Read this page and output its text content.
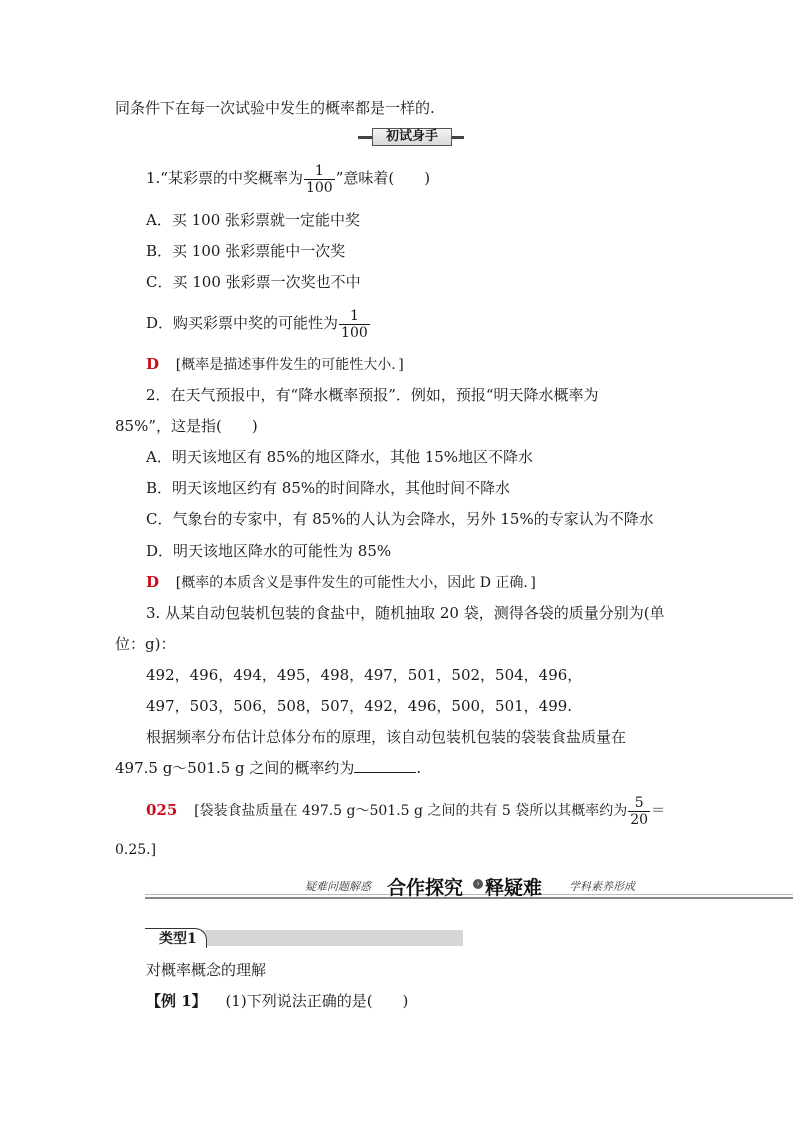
同条件下在每一次试验中发生的概率都是一样的.
初试身手
1.“某彩票的中奖概率为 $\frac{1}{100}$ ”意味着(　　)
A．买 100 张彩票就一定能中奖
B．买 100 张彩票能中一次奖
C．买 100 张彩票一次奖也不中
D．购买彩票中奖的可能性为 $\frac{1}{100}$
D [概率是描述事件发生的可能性大小．]
2．在天气预报中，有“降水概率预报”．例如，预报“明天降水概率为
85%”，这是指(　　)
A．明天该地区有 85%的地区降水，其他 15%地区不降水
B．明天该地区约有 85%的时间降水，其他时间不降水
C．气象台的专家中，有 85%的人认为会降水，另外 15%的专家认为不降水
D．明天该地区降水的可能性为 85%
D [概率的本质含义是事件发生的可能性大小，因此 D 正确．]
3. 从某自动包装机包装的食盐中，随机抽取 20 袋，测得各袋的质量分别为(单
位：g)：
492，496，494，495，498，497，501，502，504，496，
497，503，506，508，507，492，496，500，501，499.
根据频率分布估计总体分布的原理，该自动包装机包装的袋装食盐质量在
497.5 g～501.5 g 之间的概率约为	.
025 [袋装食盐质量在 497.5 g～501.5 g 之间的共有 5 袋所以其概率约为 $\frac{5}{20}$ ＝
0.25.]
疑难问题解惑 合作探究	› 释疑难 学科素养形成
类型1
对概率概念的理解
【例 1】 (1)下列说法正确的是(　　)
